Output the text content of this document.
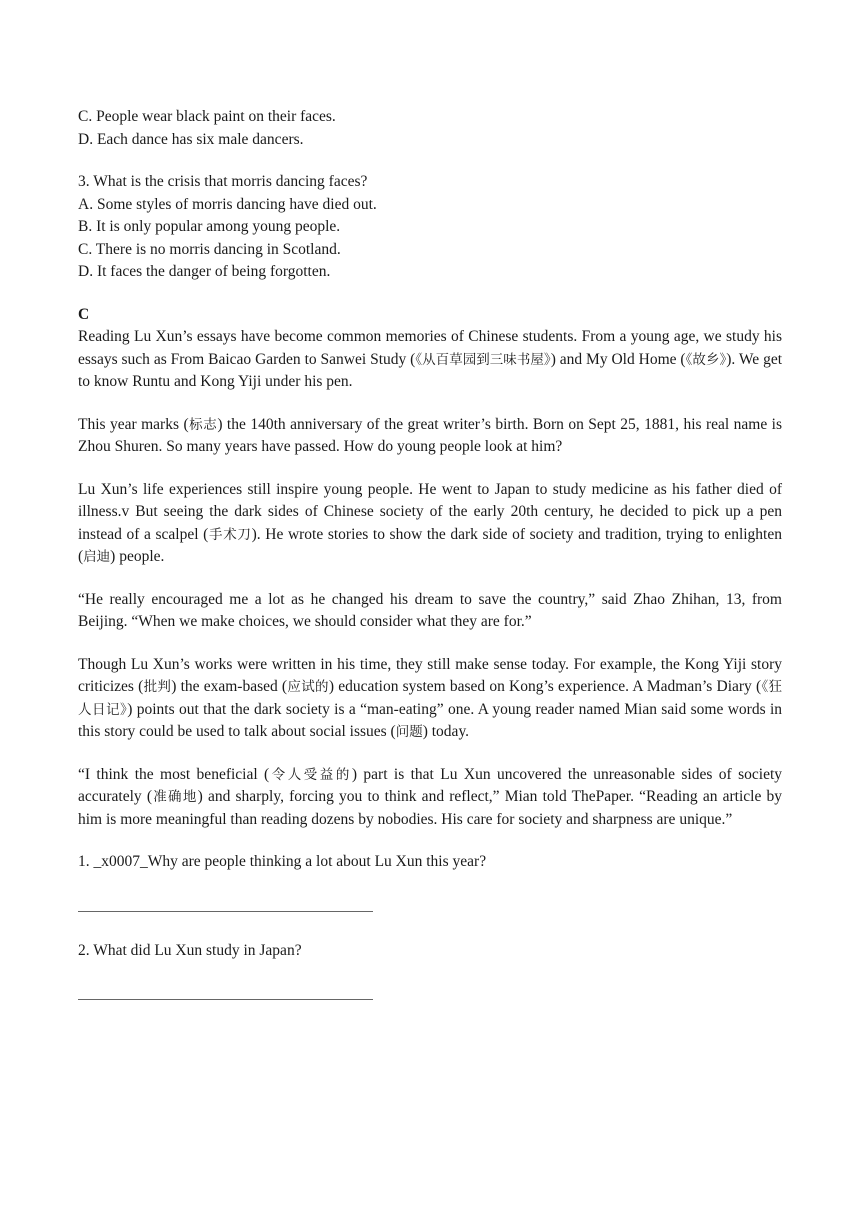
C. People wear black paint on their faces.
D. Each dance has six male dancers.
3. What is the crisis that morris dancing faces?
A. Some styles of morris dancing have died out.
B. It is only popular among young people.
C. There is no morris dancing in Scotland.
D. It faces the danger of being forgotten.
C

Reading Lu Xun’s essays have become common memories of Chinese students. From a young age, we study his essays such as From Baicao Garden to Sanwei Study (《从百草园到三味书屋》) and My Old Home (《故乡》). We get to know Runtu and Kong Yiji under his pen.

This year marks (标志) the 140th anniversary of the great writer’s birth. Born on Sept 25, 1881, his real name is Zhou Shuren. So many years have passed. How do young people look at him?

Lu Xun’s life experiences still inspire young people. He went to Japan to study medicine as his father died of illness.v But seeing the dark sides of Chinese society of the early 20th century, he decided to pick up a pen instead of a scalpel (手术刀). He wrote stories to show the dark side of society and tradition, trying to enlighten (启迪) people.

“He really encouraged me a lot as he changed his dream to save the country,” said Zhao Zhihan, 13, from Beijing. “When we make choices, we should consider what they are for.”

Though Lu Xun’s works were written in his time, they still make sense today. For example, the Kong Yiji story criticizes (批判) the exam-based (应试的) education system based on Kong’s experience. A Madman’s Diary (《狂人日记》) points out that the dark society is a “man-eating” one. A young reader named Mian said some words in this story could be used to talk about social issues (问题) today.

“I think the most beneficial (令人受益的) part is that Lu Xun uncovered the unreasonable sides of society accurately (准确地) and sharply, forcing you to think and reflect,” Mian told ThePaper. “Reading an article by him is more meaningful than reading dozens by nobodies. His care for society and sharpness are unique.”

1. _x0007_Why are people thinking a lot about Lu Xun this year?
2. What did Lu Xun study in Japan?
